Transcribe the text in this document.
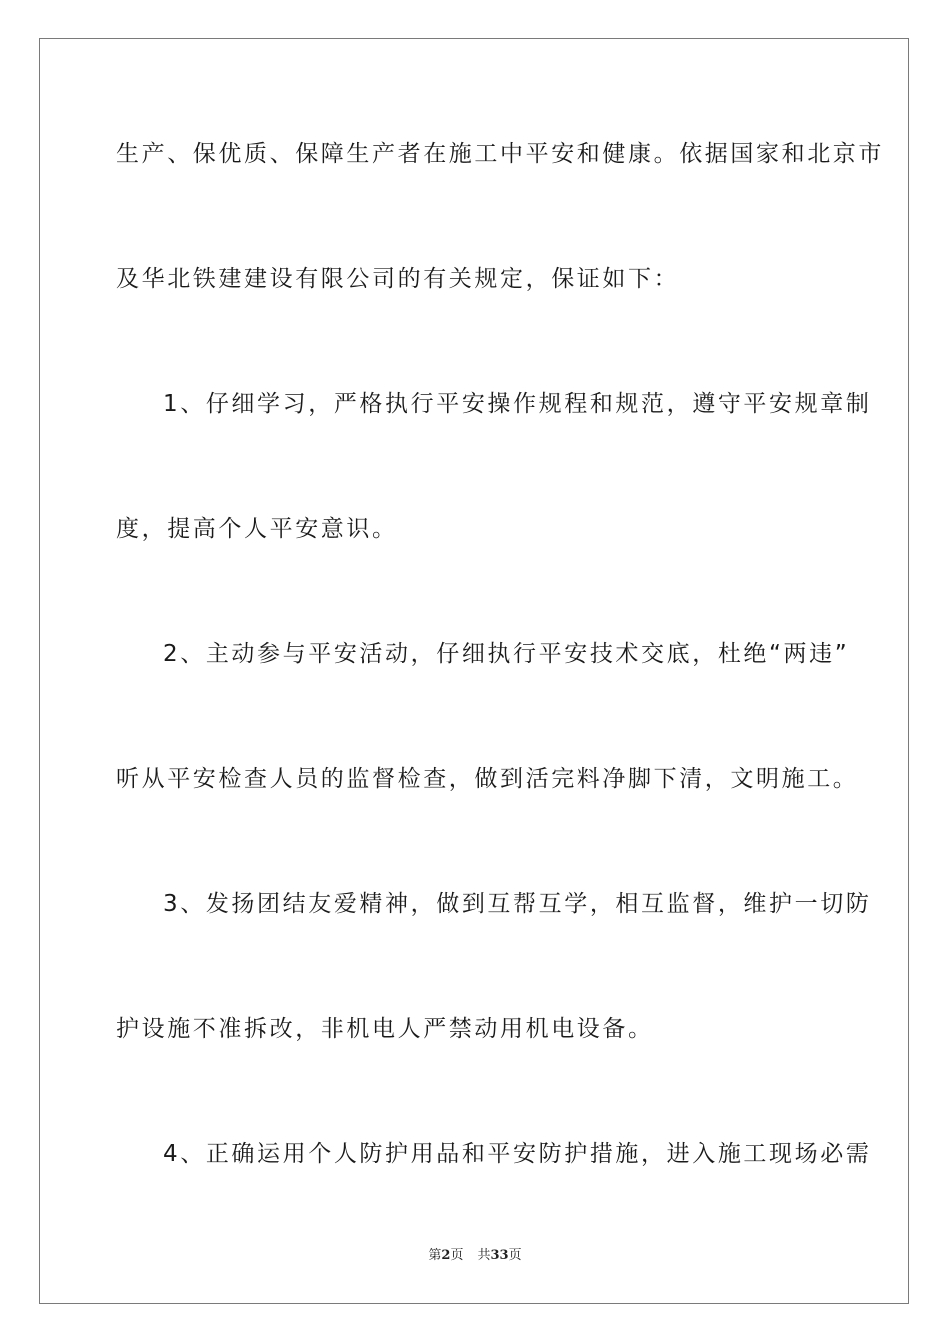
生产、保优质、保障生产者在施工中平安和健康。依据国家和北京市
及华北铁建建设有限公司的有关规定，保证如下：
1、仔细学习，严格执行平安操作规程和规范，遵守平安规章制
度，提高个人平安意识。
2、主动参与平安活动，仔细执行平安技术交底，杜绝“两违”
听从平安检查人员的监督检查，做到活完料净脚下清，文明施工。
3、发扬团结友爱精神，做到互帮互学，相互监督，维护一切防
护设施不准拆改，非机电人严禁动用机电设备。
4、正确运用个人防护用品和平安防护措施，进入施工现场必需
第2页 共33页
